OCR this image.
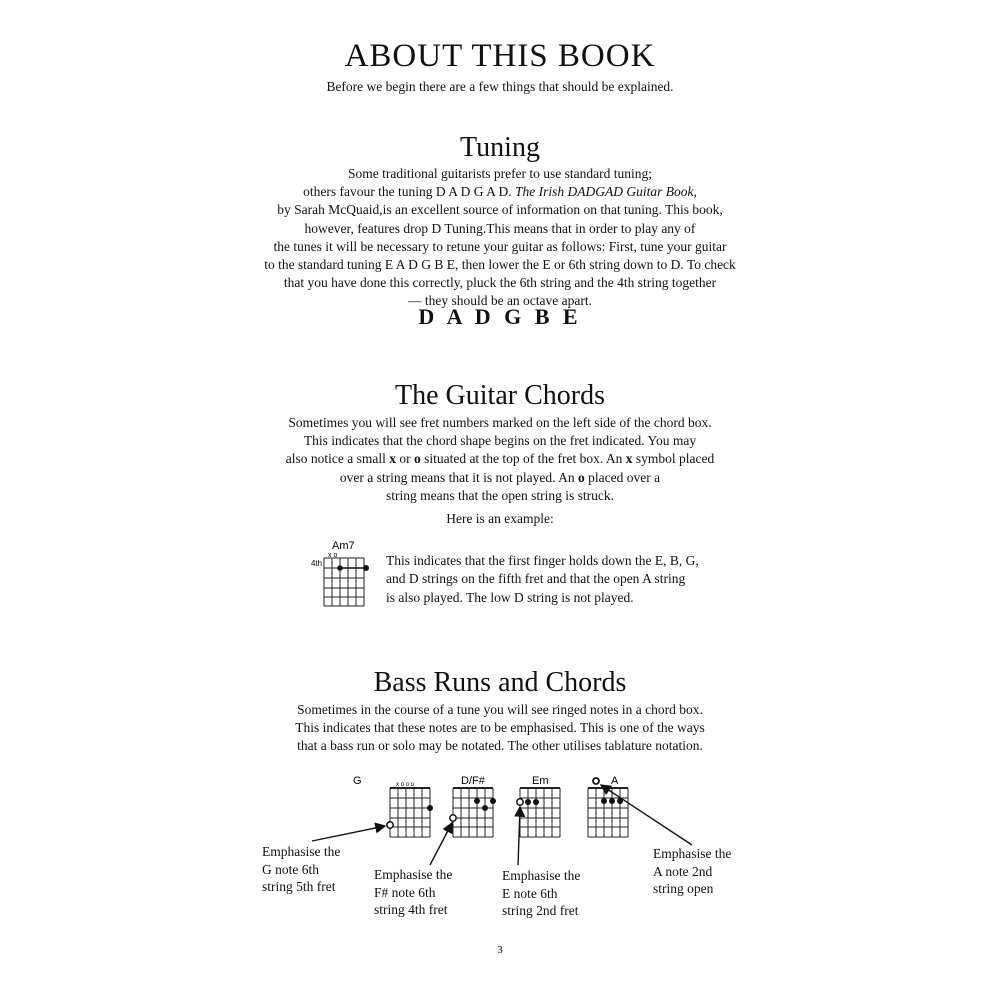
ABOUT THIS BOOK
Before we begin there are a few things that should be explained.
Tuning
Some traditional guitarists prefer to use standard tuning;
others favour the tuning D A D G A D. The Irish DADGAD Guitar Book,
by Sarah McQuaid,is an excellent source of information on that tuning. This book,
however, features drop D Tuning.This means that in order to play any of
the tunes it will be necessary to retune your guitar as follows: First, tune your guitar
to the standard tuning E A D G B E, then lower the E or 6th string down to D. To check
that you have done this correctly, pluck the 6th string and the 4th string together
— they should be an octave apart.
D A D G B E
The Guitar Chords
Sometimes you will see fret numbers marked on the left side of the chord box.
This indicates that the chord shape begins on the fret indicated. You may
also notice a small x or o situated at the top of the fret box. An x symbol placed
over a string means that it is not played. An o placed over a
string means that the open string is struck.
Here is an example:
Am7
x o
4th	This indicates that the first finger holds down the E, B, G,
and D strings on the fifth fret and that the open A string
is also played. The low D string is not played.
Bass Runs and Chords
Sometimes in the course of a tune you will see ringed notes in a chord box.
This indicates that these notes are to be emphasised. This is one of the ways
that a bass run or solo may be notated. The other utilises tablature notation.
G	x o o o	D/F#	Em	A
Emphasise the
G note 6th
string 5th fret
Emphasise the
F# note 6th
string 4th fret
Emphasise the
E note 6th
string 2nd fret
Emphasise the
A note 2nd
string open
3
